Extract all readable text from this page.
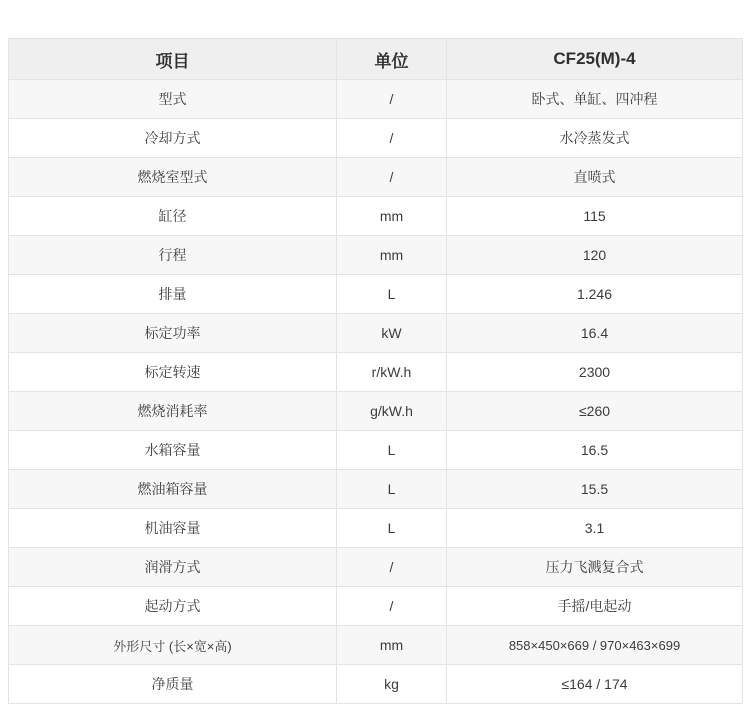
项目	单位	CF25(M)-4
型式	/	卧式、单缸、四冲程
冷却方式	/	水冷蒸发式
燃烧室型式	/	直喷式
缸径	mm	115
行程	mm	120
排量	L	1.246
标定功率	kW	16.4
标定转速	r/kW.h	2300
燃烧消耗率	g/kW.h	≤260
水箱容量	L	16.5
燃油箱容量	L	15.5
机油容量	L	3.1
润滑方式	/	压力飞溅复合式
起动方式	/	手摇/电起动
外形尺寸 (长×宽×高)	mm	858×450×669 / 970×463×699
净质量	kg	≤164 / 174
